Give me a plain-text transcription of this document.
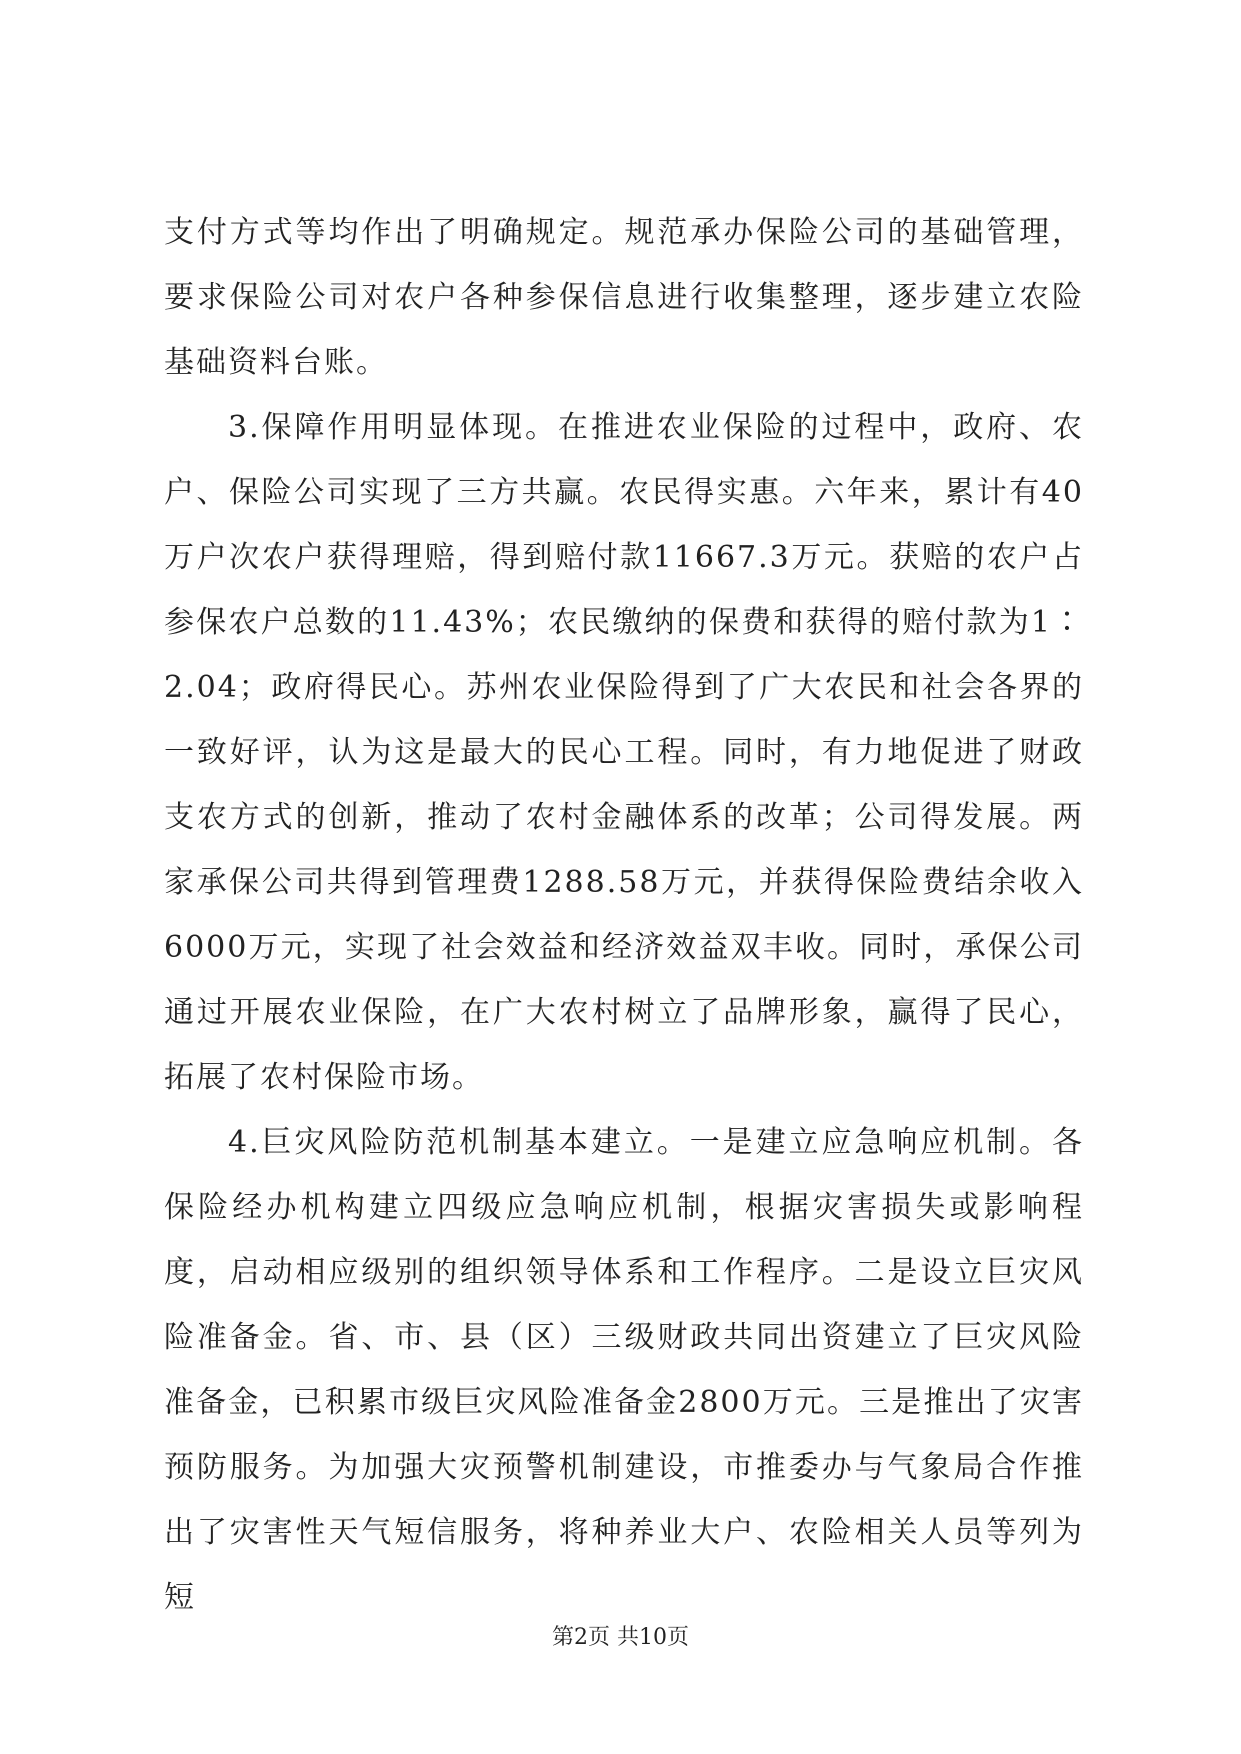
支付方式等均作出了明确规定。规范承办保险公司的基础管理，要求保险公司对农户各种参保信息进行收集整理，逐步建立农险基础资料台账。

3.保障作用明显体现。在推进农业保险的过程中，政府、农户、保险公司实现了三方共赢。农民得实惠。六年来，累计有40万户次农户获得理赔，得到赔付款11667.3万元。获赔的农户占参保农户总数的11.43%；农民缴纳的保费和获得的赔付款为1∶2.04；政府得民心。苏州农业保险得到了广大农民和社会各界的一致好评，认为这是最大的民心工程。同时，有力地促进了财政支农方式的创新，推动了农村金融体系的改革；公司得发展。两家承保公司共得到管理费1288.58万元，并获得保险费结余收入6000万元，实现了社会效益和经济效益双丰收。同时，承保公司通过开展农业保险，在广大农村树立了品牌形象，赢得了民心，拓展了农村保险市场。

4.巨灾风险防范机制基本建立。一是建立应急响应机制。各保险经办机构建立四级应急响应机制，根据灾害损失或影响程度，启动相应级别的组织领导体系和工作程序。二是设立巨灾风险准备金。省、市、县（区）三级财政共同出资建立了巨灾风险准备金，已积累市级巨灾风险准备金2800万元。三是推出了灾害预防服务。为加强大灾预警机制建设，市推委办与气象局合作推出了灾害性天气短信服务，将种养业大户、农险相关人员等列为短

第2页 共10页
